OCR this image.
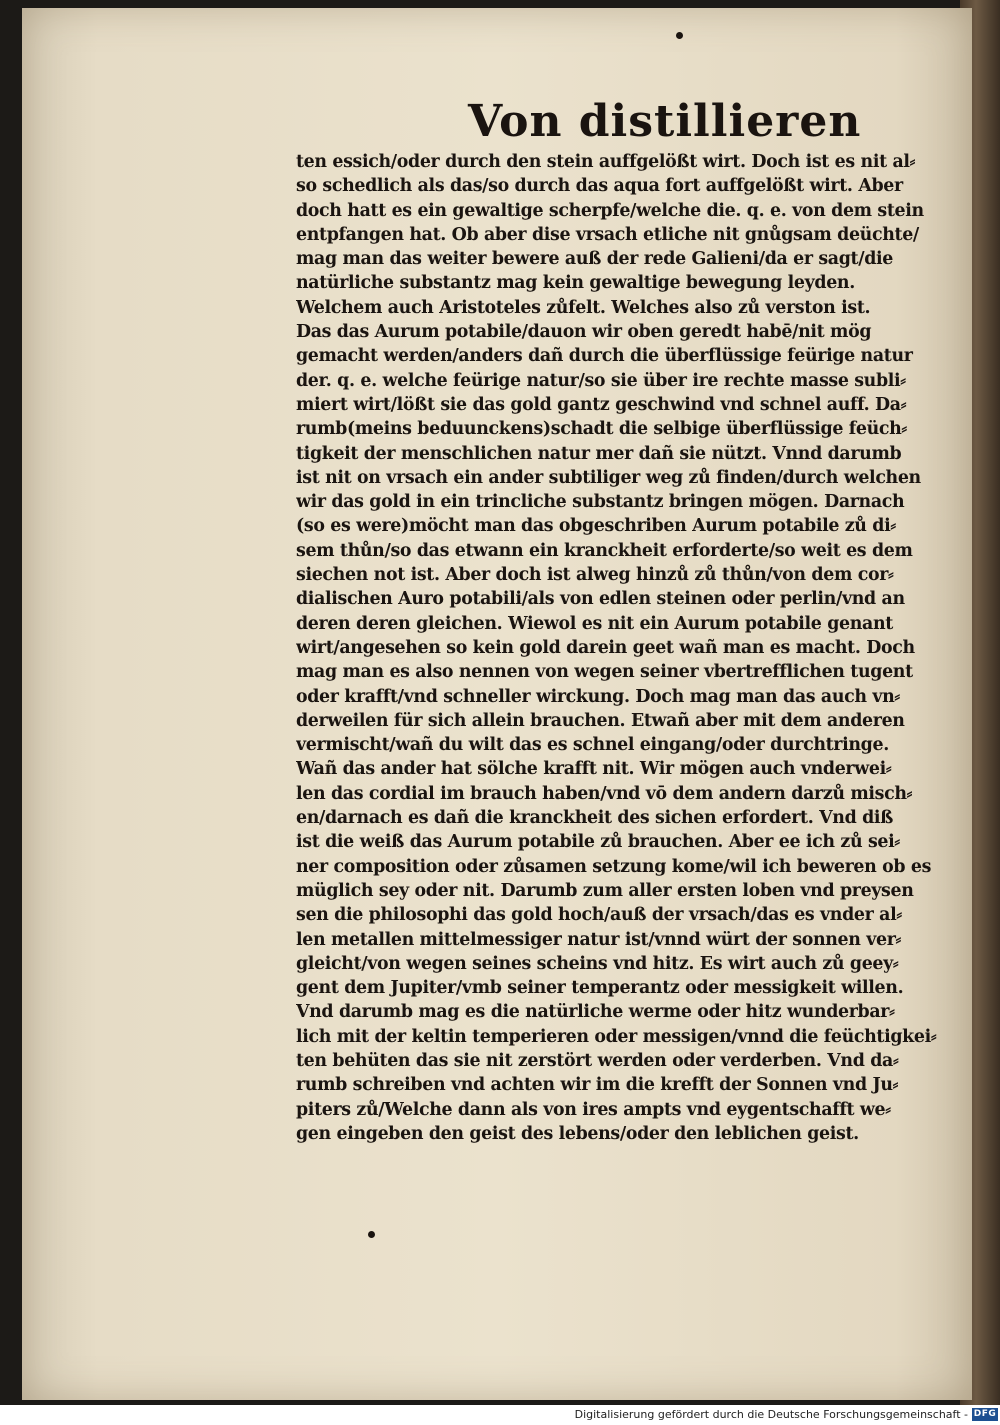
Von distillieren
ten essich/oder durch den stein auffgelößt wirt. Doch ist es nit al⸗
so schedlich als das/so durch das aqua fort auffgelößt wirt. Aber
doch hatt es ein gewaltige scherpfe/welche die. q. e. von dem stein
entpfangen hat. Ob aber dise vrsach etliche nit gnůgsam deüchte/
mag man das weiter bewere auß der rede Galieni/da er sagt/die
natürliche substantz mag kein gewaltige bewegung leyden.
Welchem auch Aristoteles zůfelt. Welches also zů verston ist.
Das das Aurum potabile/dauon wir oben geredt habē/nit mög
gemacht werden/anders dañ durch die überflüssige feürige natur
der. q. e. welche feürige natur/so sie über ire rechte masse subli⸗
miert wirt/lößt sie das gold gantz geschwind vnd schnel auff. Da⸗
rumb(meins beduunckens)schadt die selbige überflüssige feüch⸗
tigkeit der menschlichen natur mer dañ sie nützt. Vnnd darumb
ist nit on vrsach ein ander subtiliger weg zů finden/durch welchen
wir das gold in ein trincliche substantz bringen mögen. Darnach
(so es were)möcht man das obgeschriben Aurum potabile zů di⸗
sem thůn/so das etwann ein kranckheit erforderte/so weit es dem
siechen not ist. Aber doch ist alweg hinzů zů thůn/von dem cor⸗
dialischen Auro potabili/als von edlen steinen oder perlin/vnd an
deren deren gleichen. Wiewol es nit ein Aurum potabile genant
wirt/angesehen so kein gold darein geet wañ man es macht. Doch
mag man es also nennen von wegen seiner vbertrefflichen tugent
oder krafft/vnd schneller wirckung. Doch mag man das auch vn⸗
derweilen für sich allein brauchen. Etwañ aber mit dem anderen
vermischt/wañ du wilt das es schnel eingang/oder durchtringe.
Wañ das ander hat sölche krafft nit. Wir mögen auch vnderwei⸗
len das cordial im brauch haben/vnd vō dem andern darzů misch⸗
en/darnach es dañ die kranckheit des sichen erfordert. Vnd diß
ist die weiß das Aurum potabile zů brauchen. Aber ee ich zů sei⸗
ner composition oder zůsamen setzung kome/wil ich beweren ob es
müglich sey oder nit. Darumb zum aller ersten loben vnd preysen
sen die philosophi das gold hoch/auß der vrsach/das es vnder al⸗
len metallen mittelmessiger natur ist/vnnd würt der sonnen ver⸗
gleicht/von wegen seines scheins vnd hitz. Es wirt auch zů geey⸗
gent dem Jupiter/vmb seiner temperantz oder messigkeit willen.
Vnd darumb mag es die natürliche werme oder hitz wunderbar⸗
lich mit der keltin temperieren oder messigen/vnnd die feüchtigkei⸗
ten behüten das sie nit zerstört werden oder verderben. Vnd da⸗
rumb schreiben vnd achten wir im die krefft der Sonnen vnd Ju⸗
piters zů/Welche dann als von ires ampts vnd eygentschafft we⸗
gen eingeben den geist des lebens/oder den leblichen geist.
Digitalisierung gefördert durch die Deutsche Forschungsgemeinschaft - DFG
